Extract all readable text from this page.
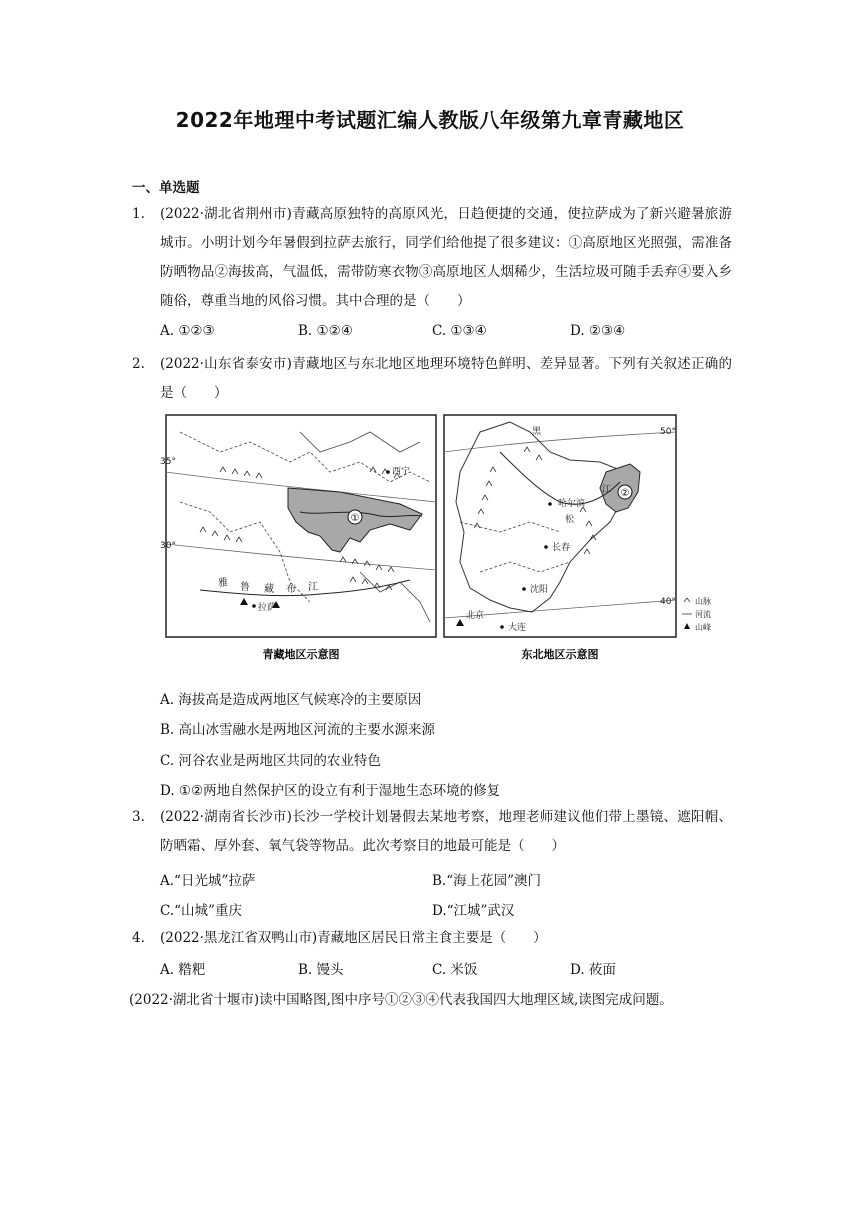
2022年地理中考试题汇编人教版八年级第九章青藏地区
一、单选题
1. (2022·湖北省荆州市)青藏高原独特的高原风光，日趋便捷的交通，使拉萨成为了新兴避暑旅游城市。小明计划今年暑假到拉萨去旅行，同学们给他提了很多建议：①高原地区光照强，需准备防晒物品②海拔高，气温低，需带防寒衣物③高原地区人烟稀少，生活垃圾可随手丢弃④要入乡随俗，尊重当地的风俗习惯。其中合理的是（　　）
A. ①②③	B. ①②④	C. ①③④	D. ②③④
2. (2022·山东省泰安市)青藏地区与东北地区地理环境特色鲜明、差异显著。下列有关叙述正确的是（　　）
①
35°
30°
西宁
雅 鲁 藏 布 江
拉萨
青藏地区示意图
②
50°
40°
黑
江
哈尔滨
松
长春
沈阳
北京
大连
东北地区示意图
山脉
河流
山峰
A. 海拔高是造成两地区气候寒冷的主要原因
B. 高山冰雪融水是两地区河流的主要水源来源
C. 河谷农业是两地区共同的农业特色
D. ①②两地自然保护区的设立有利于湿地生态环境的修复
3. (2022·湖南省长沙市)长沙一学校计划暑假去某地考察，地理老师建议他们带上墨镜、遮阳帽、防晒霜、厚外套、氧气袋等物品。此次考察目的地最可能是（　　）
A.“日光城”拉萨	B.“海上花园”澳门
C.“山城”重庆	D.“江城”武汉
4. (2022·黑龙江省双鸭山市)青藏地区居民日常主食主要是（　　）
A. 糌粑	B. 馒头	C. 米饭	D. 莜面
(2022·湖北省十堰市)读中国略图,图中序号①②③④代表我国四大地理区域,读图完成问题。
